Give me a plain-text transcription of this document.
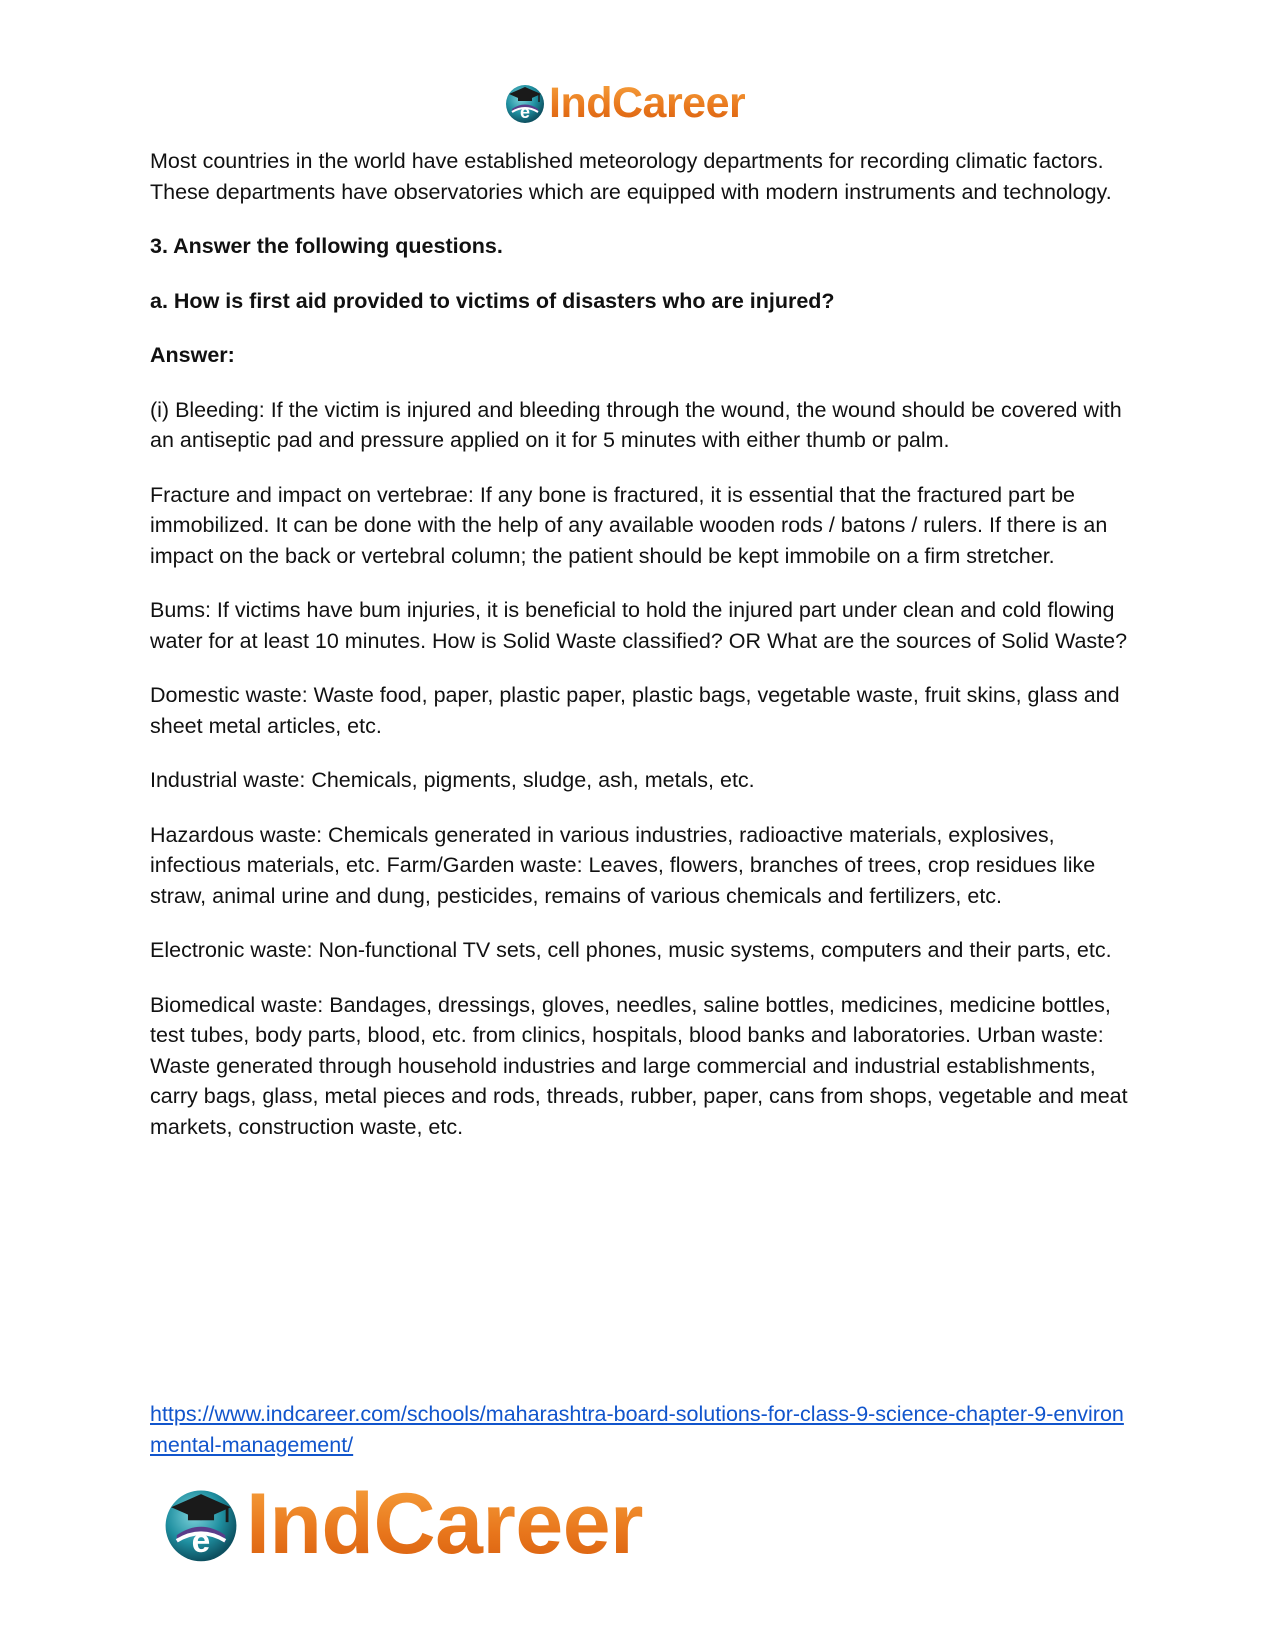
e IndCareer

Most countries in the world have established meteorology departments for recording climatic factors. These departments have observatories which are equipped with modern instruments and technology.

3. Answer the following questions.

a. How is first aid provided to victims of disasters who are injured?

Answer:

(i) Bleeding: If the victim is injured and bleeding through the wound, the wound should be covered with an antiseptic pad and pressure applied on it for 5 minutes with either thumb or palm.

Fracture and impact on vertebrae: If any bone is fractured, it is essential that the fractured part be immobilized. It can be done with the help of any available wooden rods / batons / rulers. If there is an impact on the back or vertebral column; the patient should be kept immobile on a firm stretcher.

Bums: If victims have bum injuries, it is beneficial to hold the injured part under clean and cold flowing water for at least 10 minutes. How is Solid Waste classified? OR What are the sources of Solid Waste?

Domestic waste: Waste food, paper, plastic paper, plastic bags, vegetable waste, fruit skins, glass and sheet metal articles, etc.

Industrial waste: Chemicals, pigments, sludge, ash, metals, etc.

Hazardous waste: Chemicals generated in various industries, radioactive materials, explosives, infectious materials, etc. Farm/Garden waste: Leaves, flowers, branches of trees, crop residues like straw, animal urine and dung, pesticides, remains of various chemicals and fertilizers, etc.

Electronic waste: Non-functional TV sets, cell phones, music systems, computers and their parts, etc.

Biomedical waste: Bandages, dressings, gloves, needles, saline bottles, medicines, medicine bottles, test tubes, body parts, blood, etc. from clinics, hospitals, blood banks and laboratories. Urban waste: Waste generated through household industries and large commercial and industrial establishments, carry bags, glass, metal pieces and rods, threads, rubber, paper, cans from shops, vegetable and meat markets, construction waste, etc.

https://www.indcareer.com/schools/maharashtra-board-solutions-for-class-9-science-chapter-9-environmental-management/
e IndCareer
